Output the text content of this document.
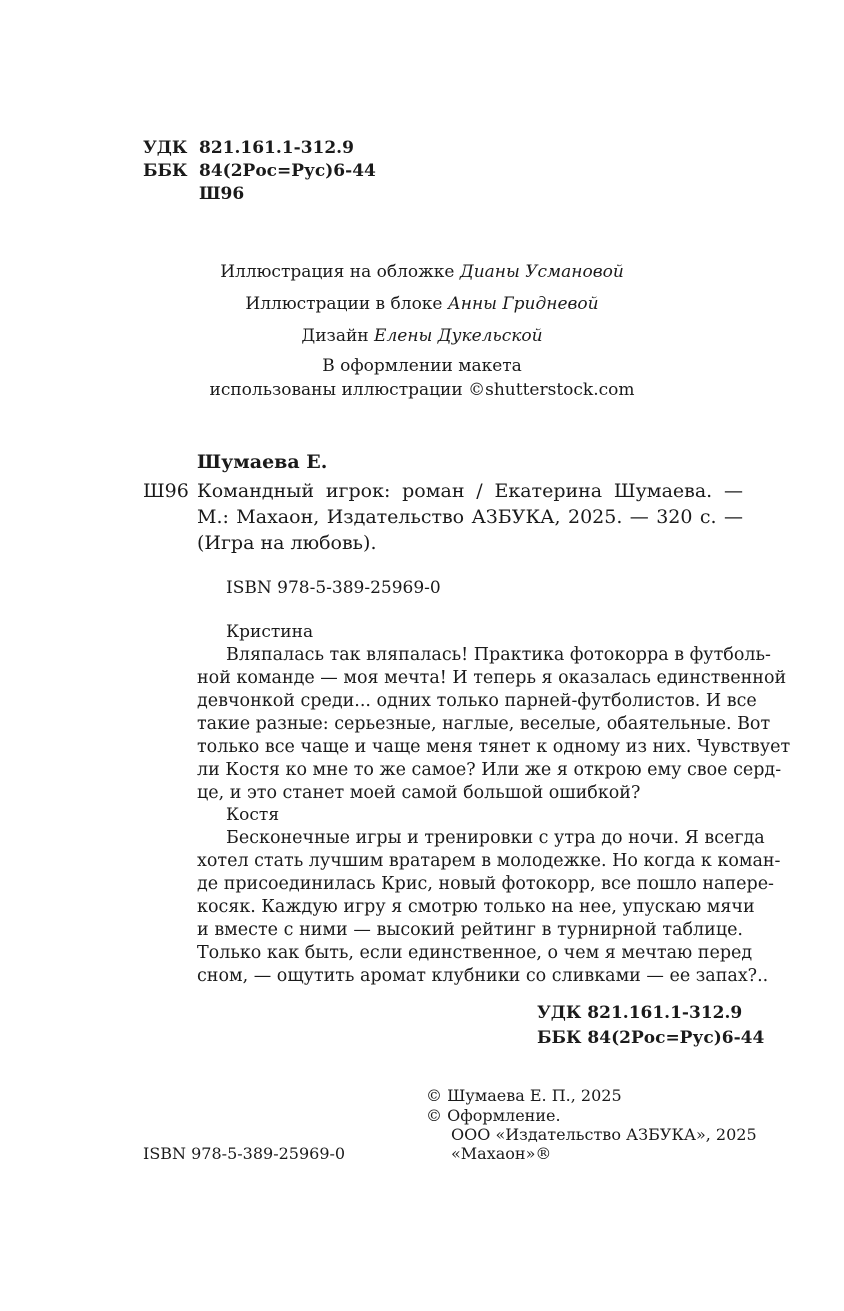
УДК 821.161.1-312.9
ББК 84(2Рос=Рус)6-44
Ш96
Иллюстрация на обложке Дианы Усмановой
Иллюстрации в блоке Анны Гридневой
Дизайн Елены Дукельской
В оформлении макета
использованы иллюстрации ©shutterstock.com
Шумаева Е.
Ш96 Командный игрок: роман / Екатерина Шумаева. —
М.: Махаон, Издательство АЗБУКА, 2025. — 320 с. —
(Игра на любовь).
ISBN 978-5-389-25969-0
Кристина
Вляпалась так вляпалась! Практика фотокорра в футболь-
ной команде — моя мечта! И теперь я оказалась единственной
девчонкой среди... одних только парней-футболистов. И все
такие разные: серьезные, наглые, веселые, обаятельные. Вот
только все чаще и чаще меня тянет к одному из них. Чувствует
ли Костя ко мне то же самое? Или же я открою ему свое серд-
це, и это станет моей самой большой ошибкой?
Костя
Бесконечные игры и тренировки с утра до ночи. Я всегда
хотел стать лучшим вратарем в молодежке. Но когда к коман-
де присоединилась Крис, новый фотокорр, все пошло напере-
косяк. Каждую игру я смотрю только на нее, упускаю мячи
и вместе с ними — высокий рейтинг в турнирной таблице.
Только как быть, если единственное, о чем я мечтаю перед
сном, — ощутить аромат клубники со сливками — ее запах?..
УДК 821.161.1-312.9
ББК 84(2Рос=Рус)6-44
© Шумаева Е. П., 2025
© Оформление.
ООО «Издательство АЗБУКА», 2025
«Махаон»®
ISBN 978-5-389-25969-0
